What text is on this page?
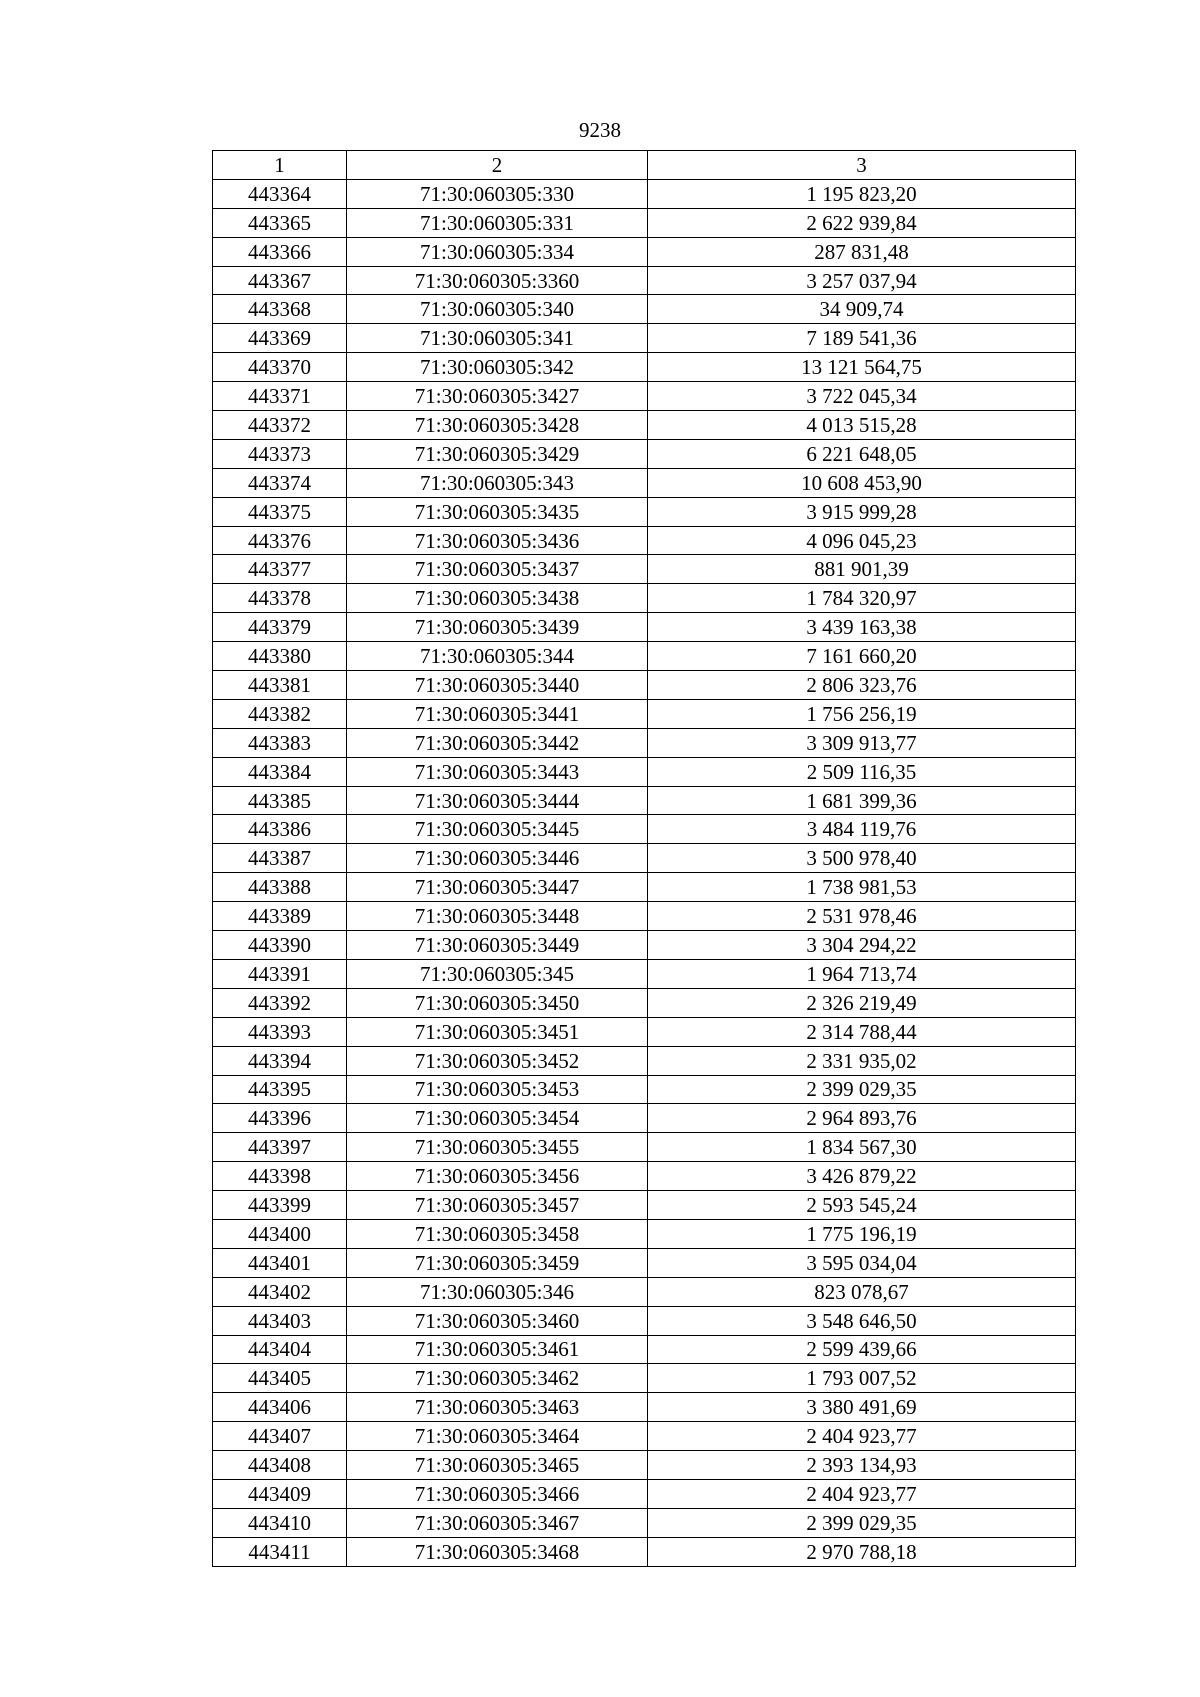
9238
1	2	3
443364	71:30:060305:330	1 195 823,20
443365	71:30:060305:331	2 622 939,84
443366	71:30:060305:334	287 831,48
443367	71:30:060305:3360	3 257 037,94
443368	71:30:060305:340	34 909,74
443369	71:30:060305:341	7 189 541,36
443370	71:30:060305:342	13 121 564,75
443371	71:30:060305:3427	3 722 045,34
443372	71:30:060305:3428	4 013 515,28
443373	71:30:060305:3429	6 221 648,05
443374	71:30:060305:343	10 608 453,90
443375	71:30:060305:3435	3 915 999,28
443376	71:30:060305:3436	4 096 045,23
443377	71:30:060305:3437	881 901,39
443378	71:30:060305:3438	1 784 320,97
443379	71:30:060305:3439	3 439 163,38
443380	71:30:060305:344	7 161 660,20
443381	71:30:060305:3440	2 806 323,76
443382	71:30:060305:3441	1 756 256,19
443383	71:30:060305:3442	3 309 913,77
443384	71:30:060305:3443	2 509 116,35
443385	71:30:060305:3444	1 681 399,36
443386	71:30:060305:3445	3 484 119,76
443387	71:30:060305:3446	3 500 978,40
443388	71:30:060305:3447	1 738 981,53
443389	71:30:060305:3448	2 531 978,46
443390	71:30:060305:3449	3 304 294,22
443391	71:30:060305:345	1 964 713,74
443392	71:30:060305:3450	2 326 219,49
443393	71:30:060305:3451	2 314 788,44
443394	71:30:060305:3452	2 331 935,02
443395	71:30:060305:3453	2 399 029,35
443396	71:30:060305:3454	2 964 893,76
443397	71:30:060305:3455	1 834 567,30
443398	71:30:060305:3456	3 426 879,22
443399	71:30:060305:3457	2 593 545,24
443400	71:30:060305:3458	1 775 196,19
443401	71:30:060305:3459	3 595 034,04
443402	71:30:060305:346	823 078,67
443403	71:30:060305:3460	3 548 646,50
443404	71:30:060305:3461	2 599 439,66
443405	71:30:060305:3462	1 793 007,52
443406	71:30:060305:3463	3 380 491,69
443407	71:30:060305:3464	2 404 923,77
443408	71:30:060305:3465	2 393 134,93
443409	71:30:060305:3466	2 404 923,77
443410	71:30:060305:3467	2 399 029,35
443411	71:30:060305:3468	2 970 788,18
